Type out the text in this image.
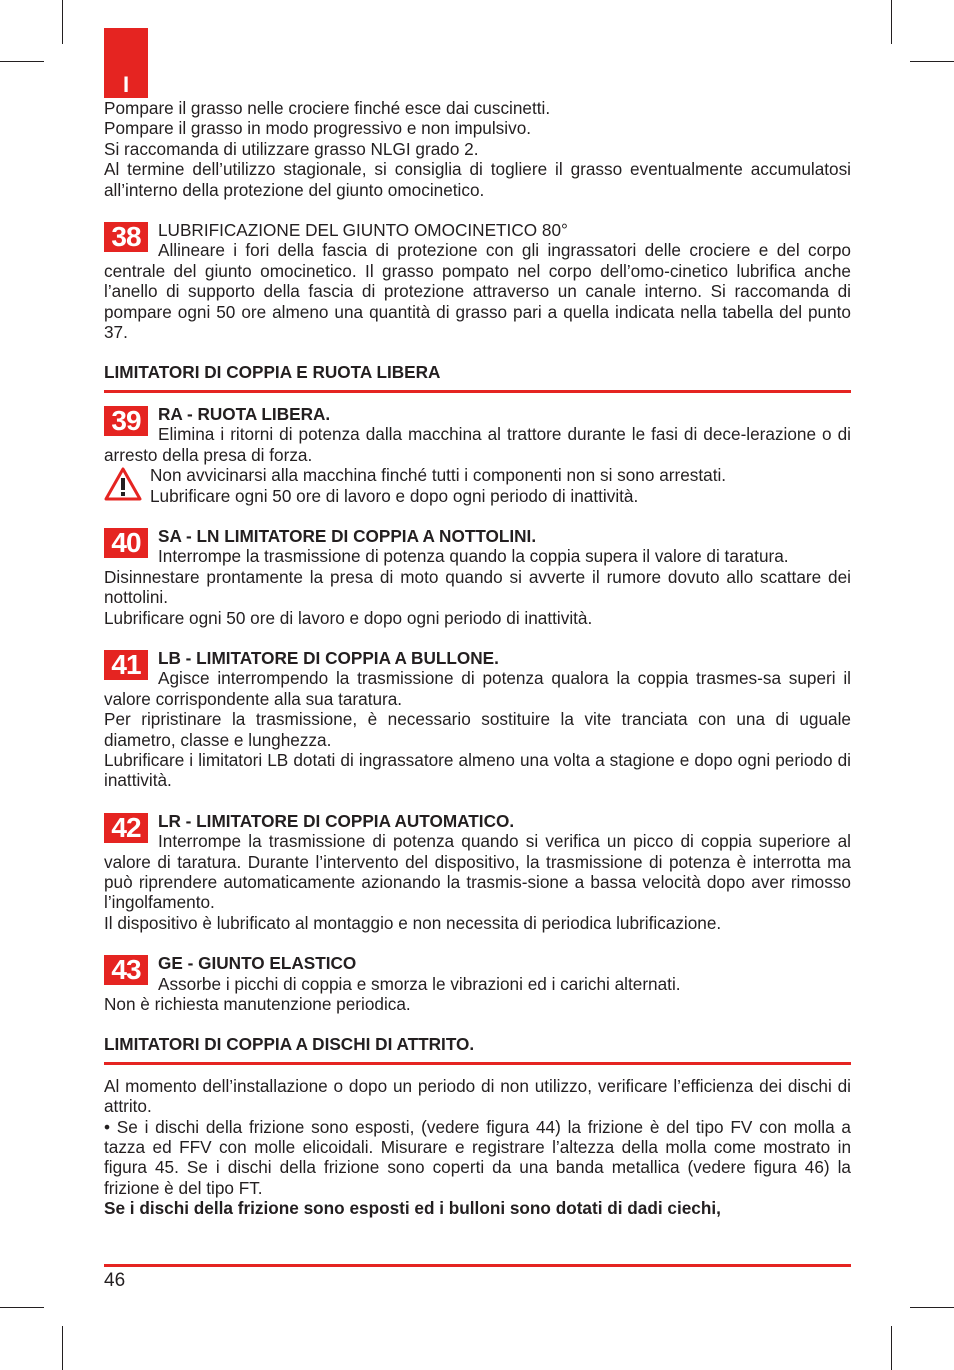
I

Pompare il grasso nelle crociere finché esce dai cuscinetti.

Pompare il grasso in modo progressivo e non impulsivo.

Si raccomanda di utilizzare grasso NLGI grado 2.

Al termine dell’utilizzo stagionale, si consiglia di togliere il grasso eventualmente accumulatosi all’interno della protezione del giunto omocinetico.

38	LUBRIFICAZIONE DEL GIUNTO OMOCINETICO 80°

Allineare i fori della fascia di protezione con gli ingrassatori delle crociere e del corpo centrale del giunto omocinetico. Il grasso pompato nel corpo dell’omo-cinetico lubrifica anche l’anello di supporto della fascia di protezione attraverso un canale interno. Si raccomanda di pompare ogni 50 ore almeno una quantità di grasso pari a quella indicata nella tabella del punto 37.

LIMITATORI DI COPPIA E RUOTA LIBERA

39	RA - RUOTA LIBERA.

Elimina i ritorni di potenza dalla macchina al trattore durante le fasi di dece-lerazione o di arresto della presa di forza.

Non avvicinarsi alla macchina finché tutti i componenti non si sono arrestati.

Lubrificare ogni 50 ore di lavoro e dopo ogni periodo di inattività.

40	SA - LN LIMITATORE DI COPPIA A NOTTOLINI.

Interrompe la trasmissione di potenza quando la coppia supera il valore di taratura.

Disinnestare prontamente la presa di moto quando si avverte il rumore dovuto allo scattare dei nottolini.

Lubrificare ogni 50 ore di lavoro e dopo ogni periodo di inattività.

41	LB - LIMITATORE DI COPPIA A BULLONE.

Agisce interrompendo la trasmissione di potenza qualora la coppia trasmes-sa superi il valore corrispondente alla sua taratura.

Per ripristinare la trasmissione, è necessario sostituire la vite tranciata con una di uguale diametro, classe e lunghezza.

Lubrificare i limitatori LB dotati di ingrassatore almeno una volta a stagione e dopo ogni periodo di inattività.

42	LR - LIMITATORE DI COPPIA AUTOMATICO.

Interrompe la trasmissione di potenza quando si verifica un picco di coppia superiore al valore di taratura. Durante l’intervento del dispositivo, la trasmissione di potenza è interrotta ma può riprendere automaticamente azionando la trasmis-sione a bassa velocità dopo aver rimosso l’ingolfamento.

Il dispositivo è lubrificato al montaggio e non necessita di periodica lubrificazione.

43	GE - GIUNTO ELASTICO

Assorbe i picchi di coppia e smorza le vibrazioni ed i carichi alternati.

Non è richiesta manutenzione periodica.

LIMITATORI DI COPPIA A DISCHI DI ATTRITO.

Al momento dell’installazione o dopo un periodo di non utilizzo, verificare l’efficienza dei dischi di attrito.

• Se i dischi della frizione sono esposti, (vedere figura 44) la frizione è del tipo FV con molla a tazza ed FFV con molle elicoidali. Misurare e registrare l’altezza della molla come mostrato in figura 45. Se i dischi della frizione sono coperti da una banda metallica (vedere figura 46) la frizione è del tipo FT.

Se i dischi della frizione sono esposti ed i bulloni sono dotati di dadi ciechi,

46
